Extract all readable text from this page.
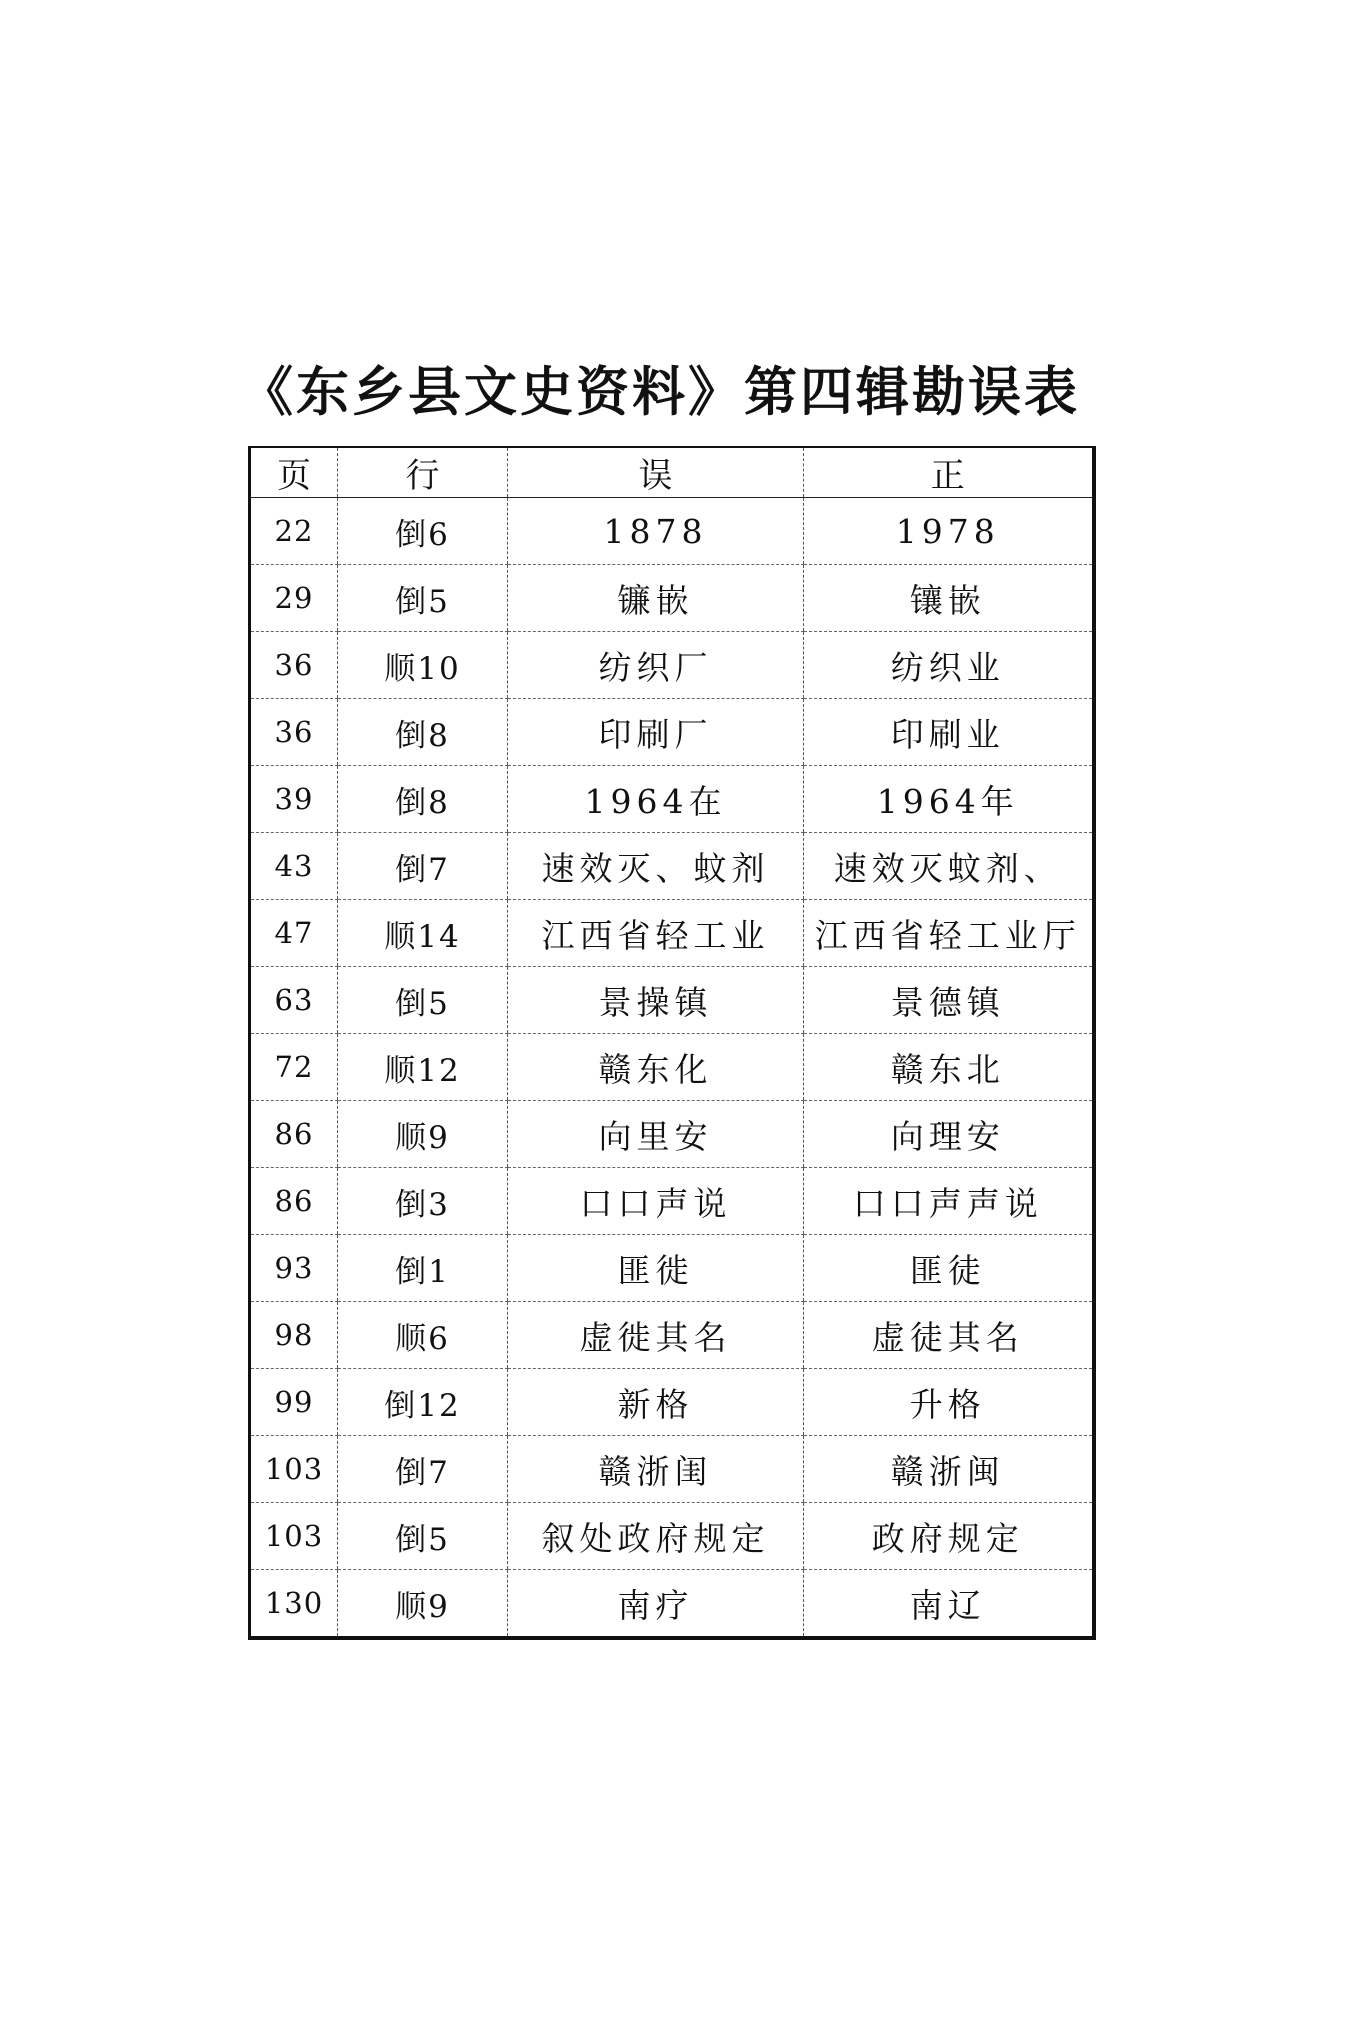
《东乡县文史资料》第四辑勘误表
页	行	误	正
22	倒6	1878	1978
29	倒5	镰嵌	镶嵌
36	顺10	纺织厂	纺织业
36	倒8	印刷厂	印刷业
39	倒8	1964在	1964年
43	倒7	速效灭、蚊剂	速效灭蚊剂、
47	顺14	江西省轻工业	江西省轻工业厅
63	倒5	景操镇	景德镇
72	顺12	赣东化	赣东北
86	顺9	向里安	向理安
86	倒3	口口声说	口口声声说
93	倒1	匪徙	匪徒
98	顺6	虚徙其名	虚徒其名
99	倒12	新格	升格
103	倒7	赣浙闺	赣浙闽
103	倒5	叙处政府规定	政府规定
130	顺9	南疗	南辽
